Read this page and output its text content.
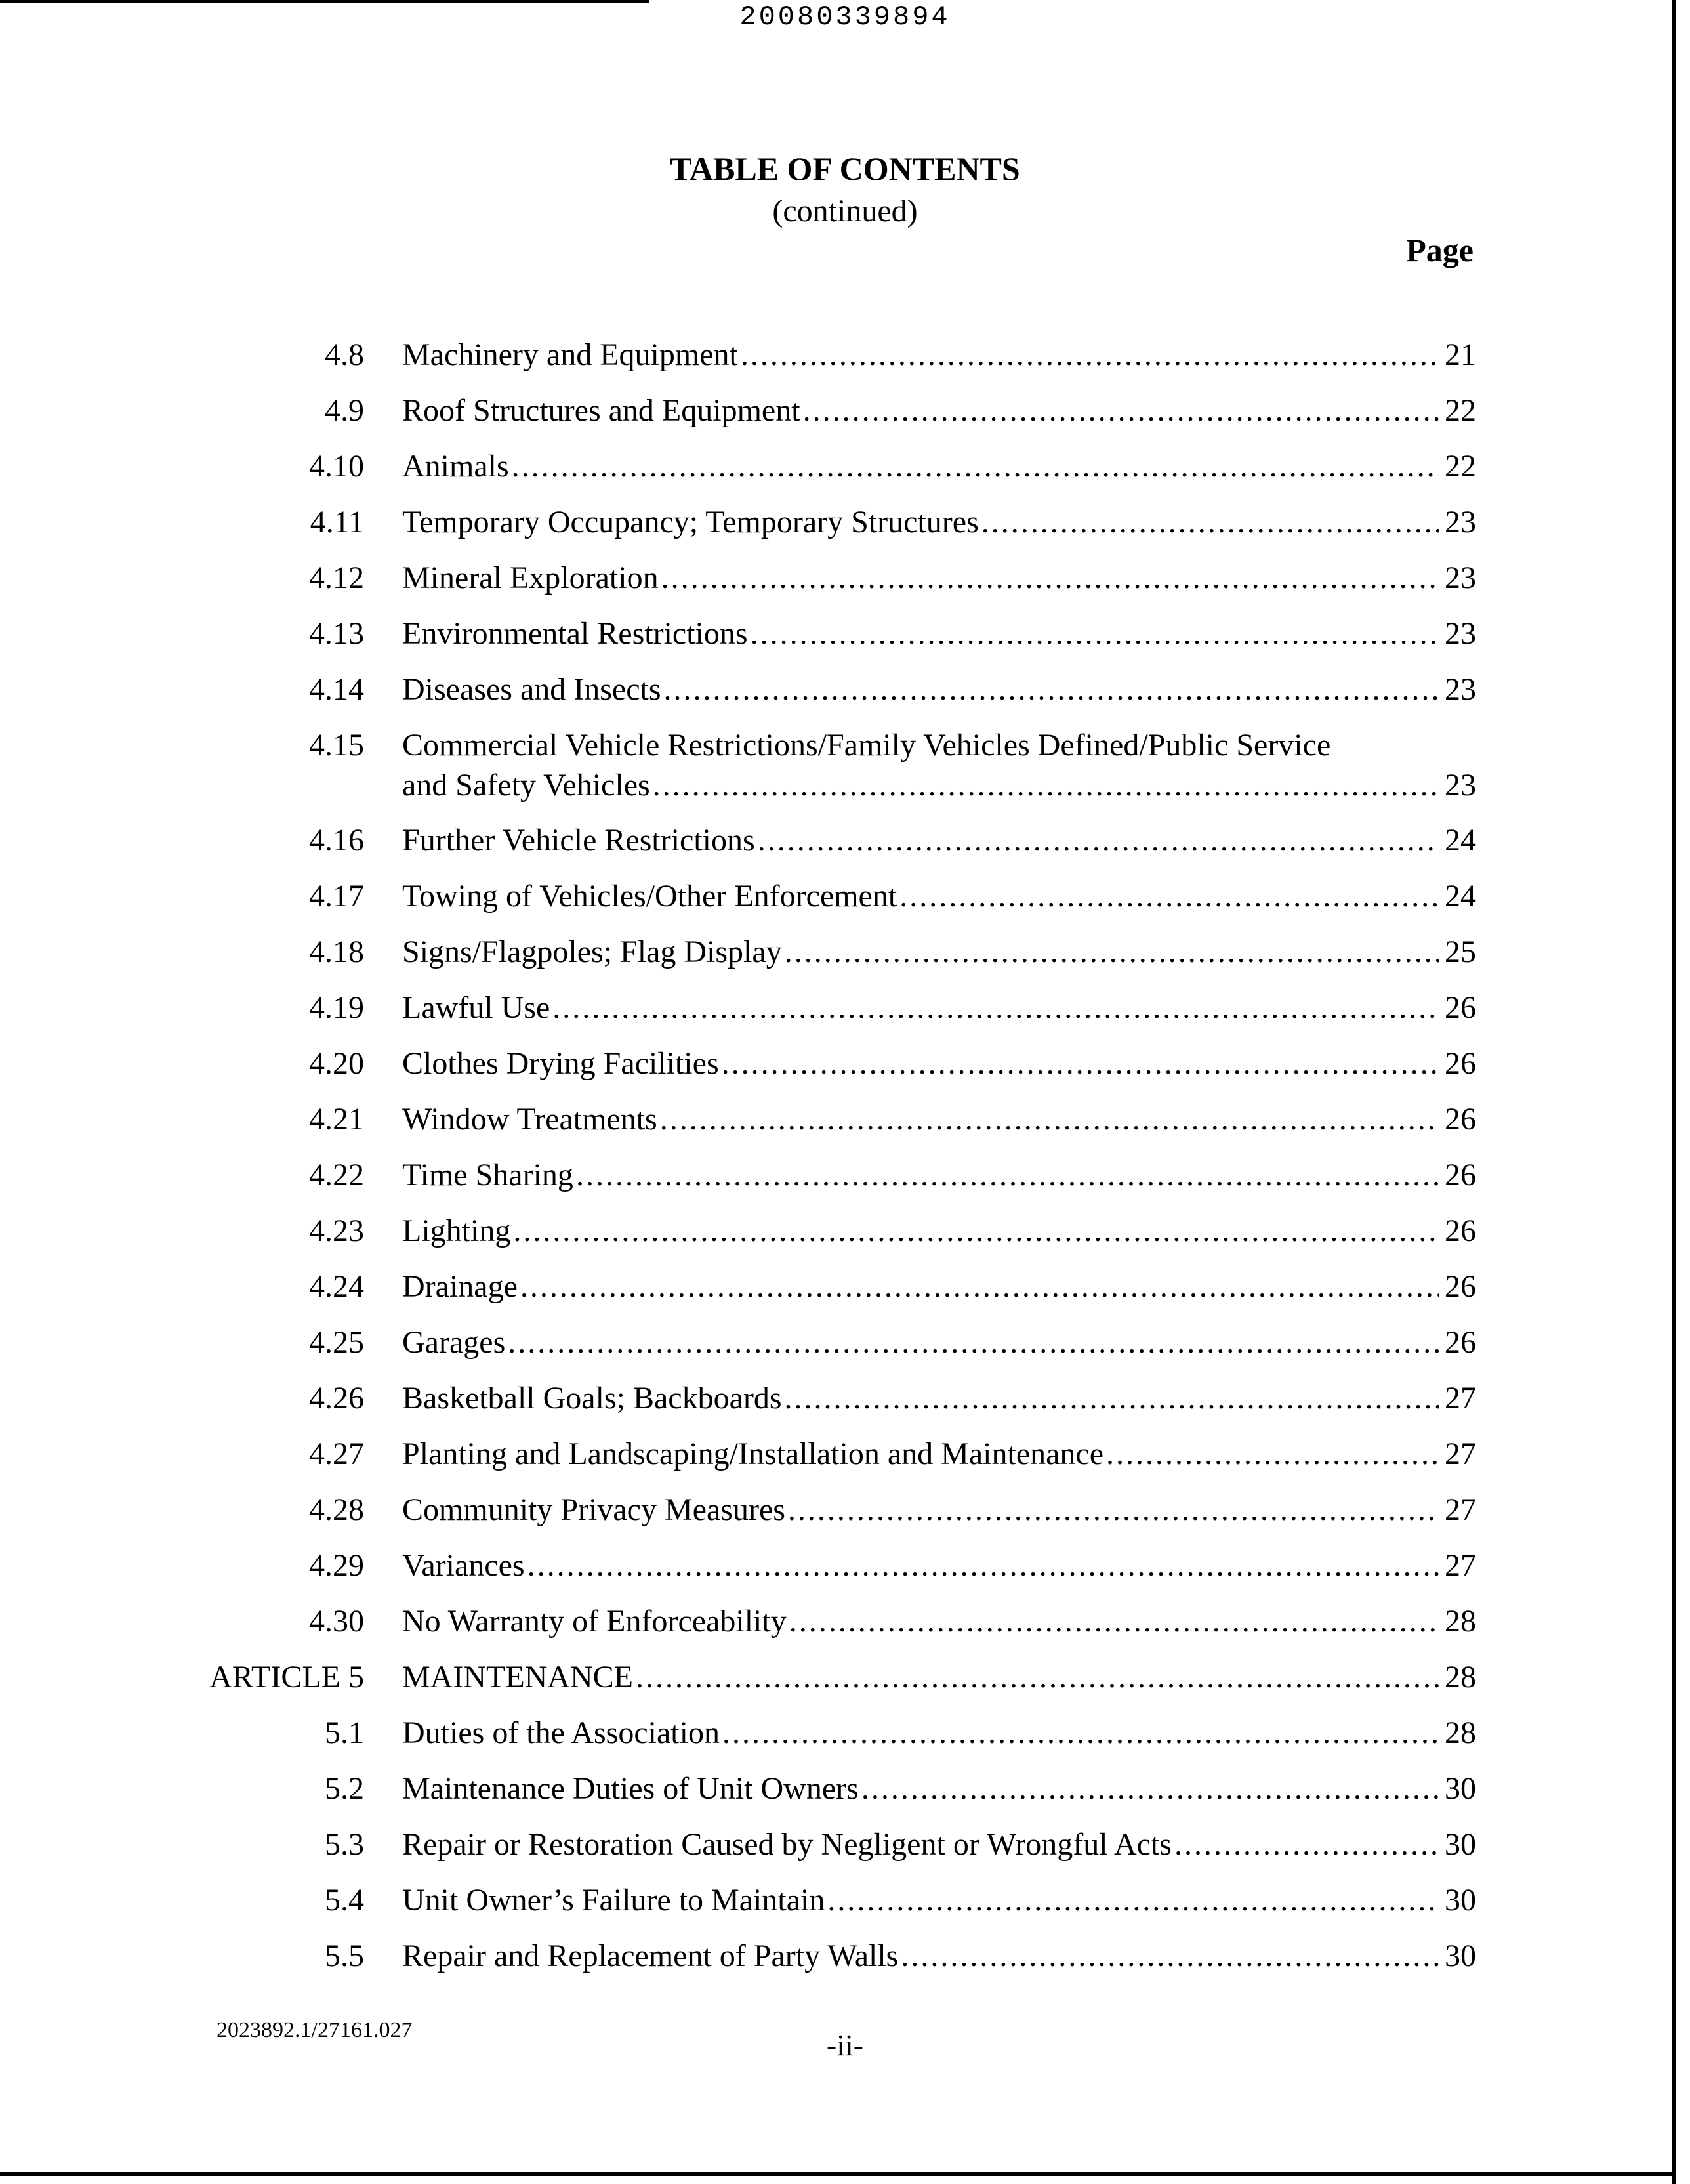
20080339894
TABLE OF CONTENTS
(continued)
Page
4.8 Machinery and Equipment .....	21
4.9 Roof Structures and Equipment .....	22
4.10 Animals .....	22
4.11 Temporary Occupancy; Temporary Structures .....	23
4.12 Mineral Exploration .....	23
4.13 Environmental Restrictions .....	23
4.14 Diseases and Insects .....	23
4.15 Commercial Vehicle Restrictions/Family Vehicles Defined/Public Service
and Safety Vehicles .....	23
4.16 Further Vehicle Restrictions .....	24
4.17 Towing of Vehicles/Other Enforcement .....	24
4.18 Signs/Flagpoles; Flag Display .....	25
4.19 Lawful Use .....	26
4.20 Clothes Drying Facilities .....	26
4.21 Window Treatments .....	26
4.22 Time Sharing .....	26
4.23 Lighting .....	26
4.24 Drainage .....	26
4.25 Garages .....	26
4.26 Basketball Goals; Backboards .....	27
4.27 Planting and Landscaping/Installation and Maintenance .....	27
4.28 Community Privacy Measures .....	27
4.29 Variances .....	27
4.30 No Warranty of Enforceability .....	28
ARTICLE 5 MAINTENANCE .....	28
5.1 Duties of the Association .....	28
5.2 Maintenance Duties of Unit Owners .....	30
5.3 Repair or Restoration Caused by Negligent or Wrongful Acts .....	30
5.4 Unit Owner’s Failure to Maintain .....	30
5.5 Repair and Replacement of Party Walls .....	30
2023892.1/27161.027	-ii-
